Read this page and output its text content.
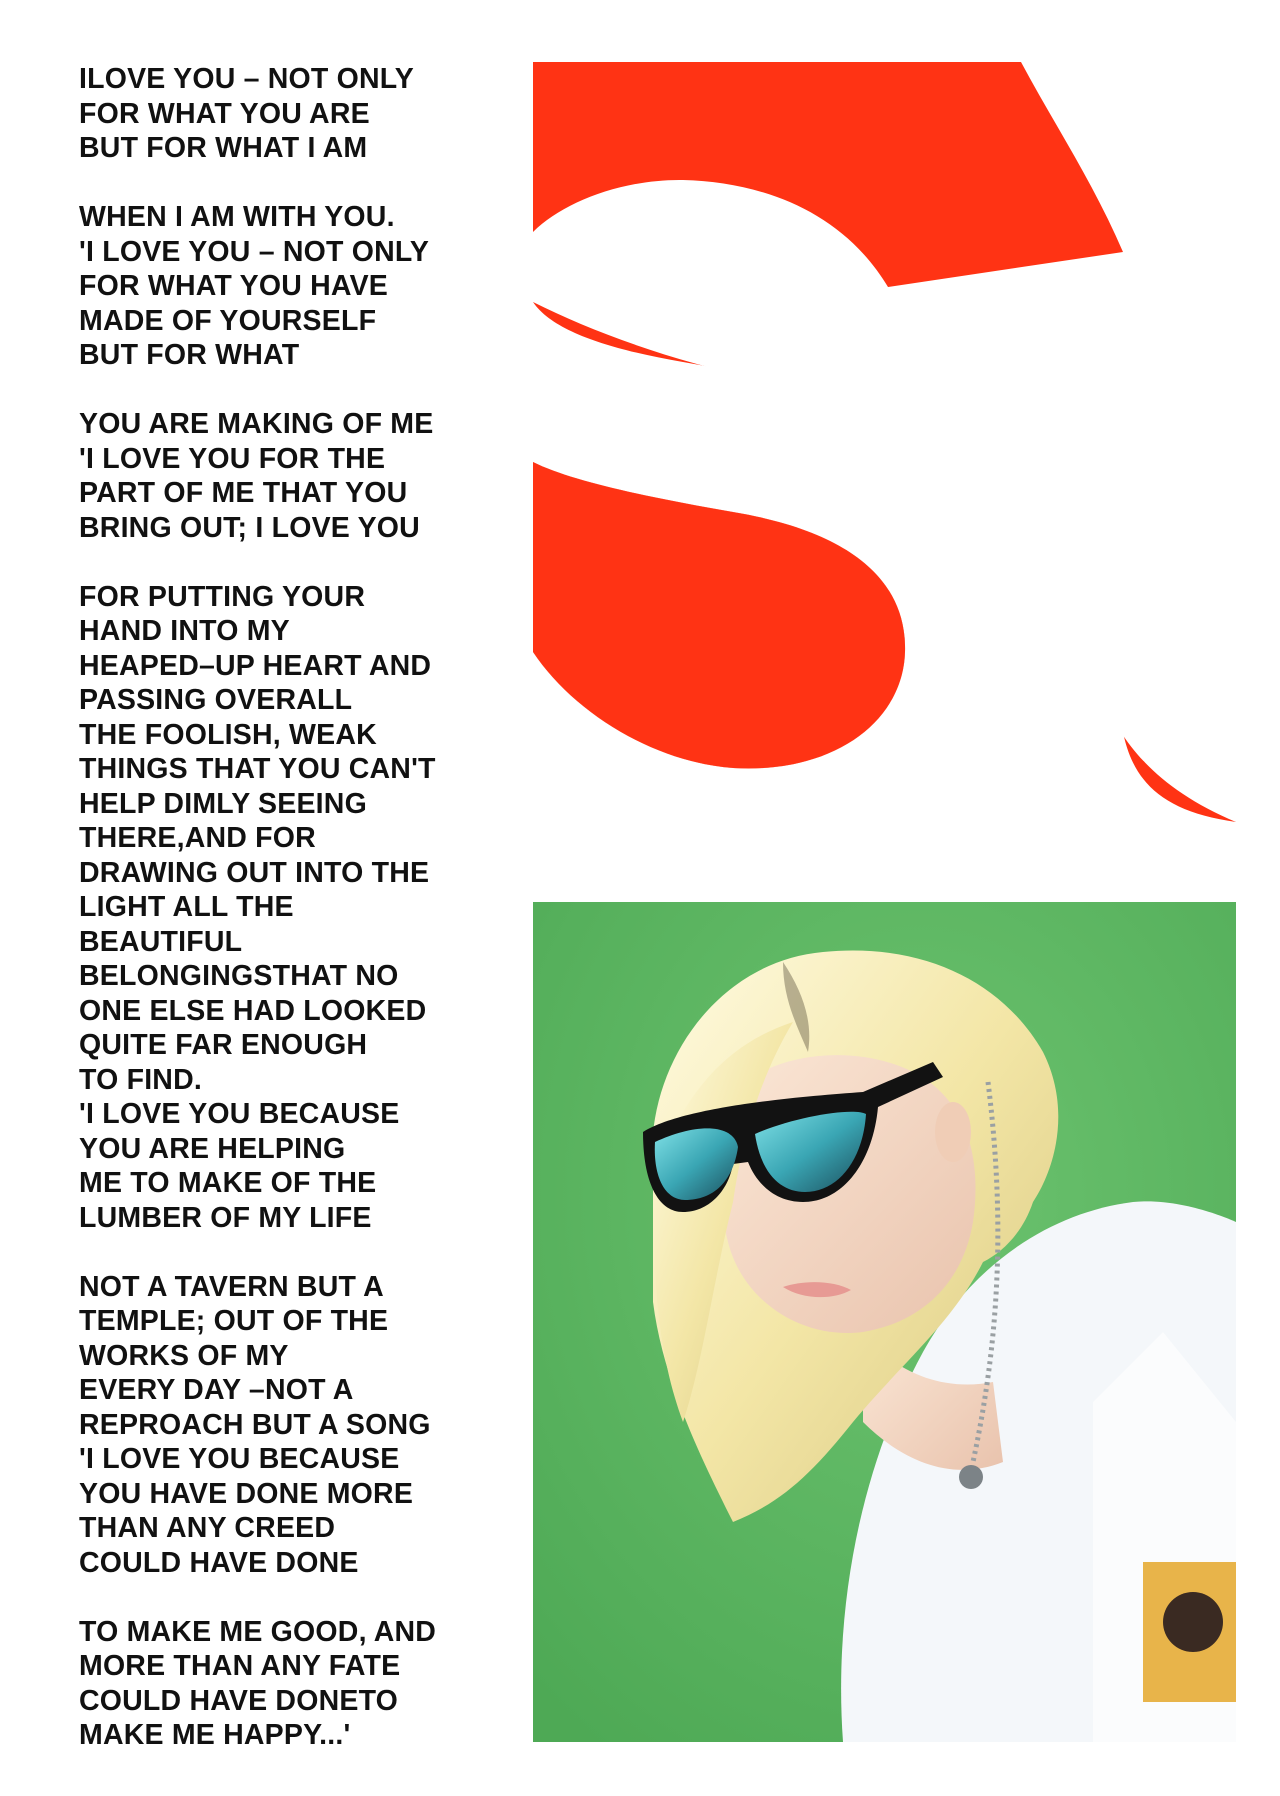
ILOVE YOU – NOT ONLY
FOR WHAT YOU ARE
BUT FOR WHAT I AM
WHEN I AM WITH YOU.
'I LOVE YOU – NOT ONLY
FOR WHAT YOU HAVE
MADE OF YOURSELF
BUT FOR WHAT
YOU ARE MAKING OF ME
'I LOVE YOU FOR THE
PART OF ME THAT YOU
BRING OUT; I LOVE YOU
FOR PUTTING YOUR
HAND INTO MY
HEAPED–UP HEART AND
PASSING OVERALL
THE FOOLISH, WEAK
THINGS THAT YOU CAN'T
HELP DIMLY SEEING
THERE,AND FOR
DRAWING OUT INTO THE
LIGHT ALL THE
BEAUTIFUL
BELONGINGSTHAT NO
ONE ELSE HAD LOOKED
QUITE FAR ENOUGH
TO FIND.
'I LOVE YOU BECAUSE
YOU ARE HELPING
ME TO MAKE OF THE
LUMBER OF MY LIFE
NOT A TAVERN BUT A
TEMPLE; OUT OF THE
WORKS OF MY
EVERY DAY –NOT A
REPROACH BUT A SONG
'I LOVE YOU BECAUSE
YOU HAVE DONE MORE
THAN ANY CREED
COULD HAVE DONE
TO MAKE ME GOOD, AND
MORE THAN ANY FATE
COULD HAVE DONETO
MAKE ME HAPPY...'
